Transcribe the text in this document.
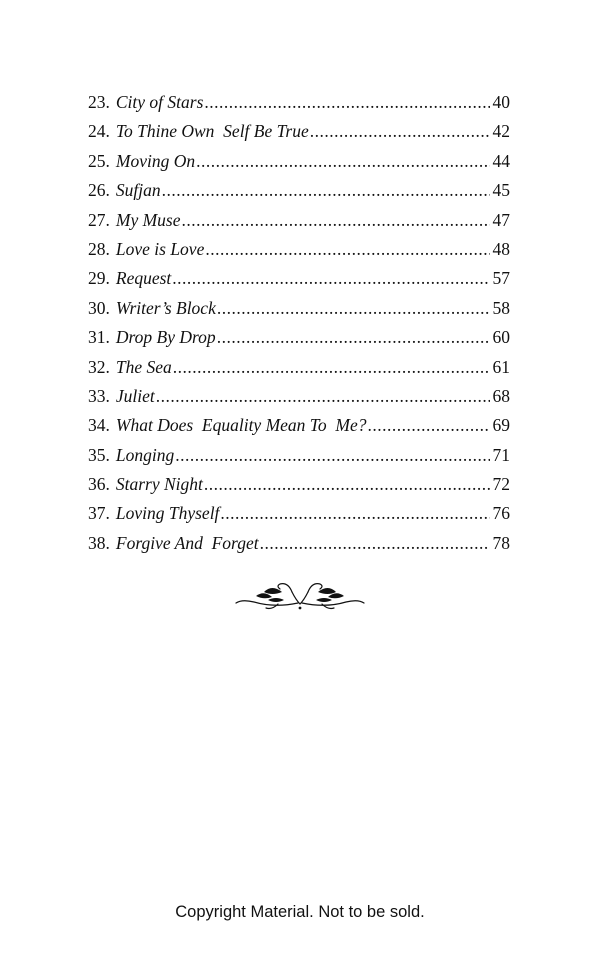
23. City of Stars .....	40
24. To Thine Own  Self Be True .....	42
25. Moving On .....	44
26. Sufjan .....	45
27. My Muse .....	47
28. Love is Love .....	48
29. Request .....	57
30. Writer’s Block .....	58
31. Drop By Drop .....	60
32. The Sea .....	61
33. Juliet .....	68
34. What Does  Equality Mean To  Me? .....	69
35. Longing .....	71
36. Starry Night .....	72
37. Loving Thyself .....	76
38. Forgive And  Forget .....	78
Copyright Material. Not to be sold.
